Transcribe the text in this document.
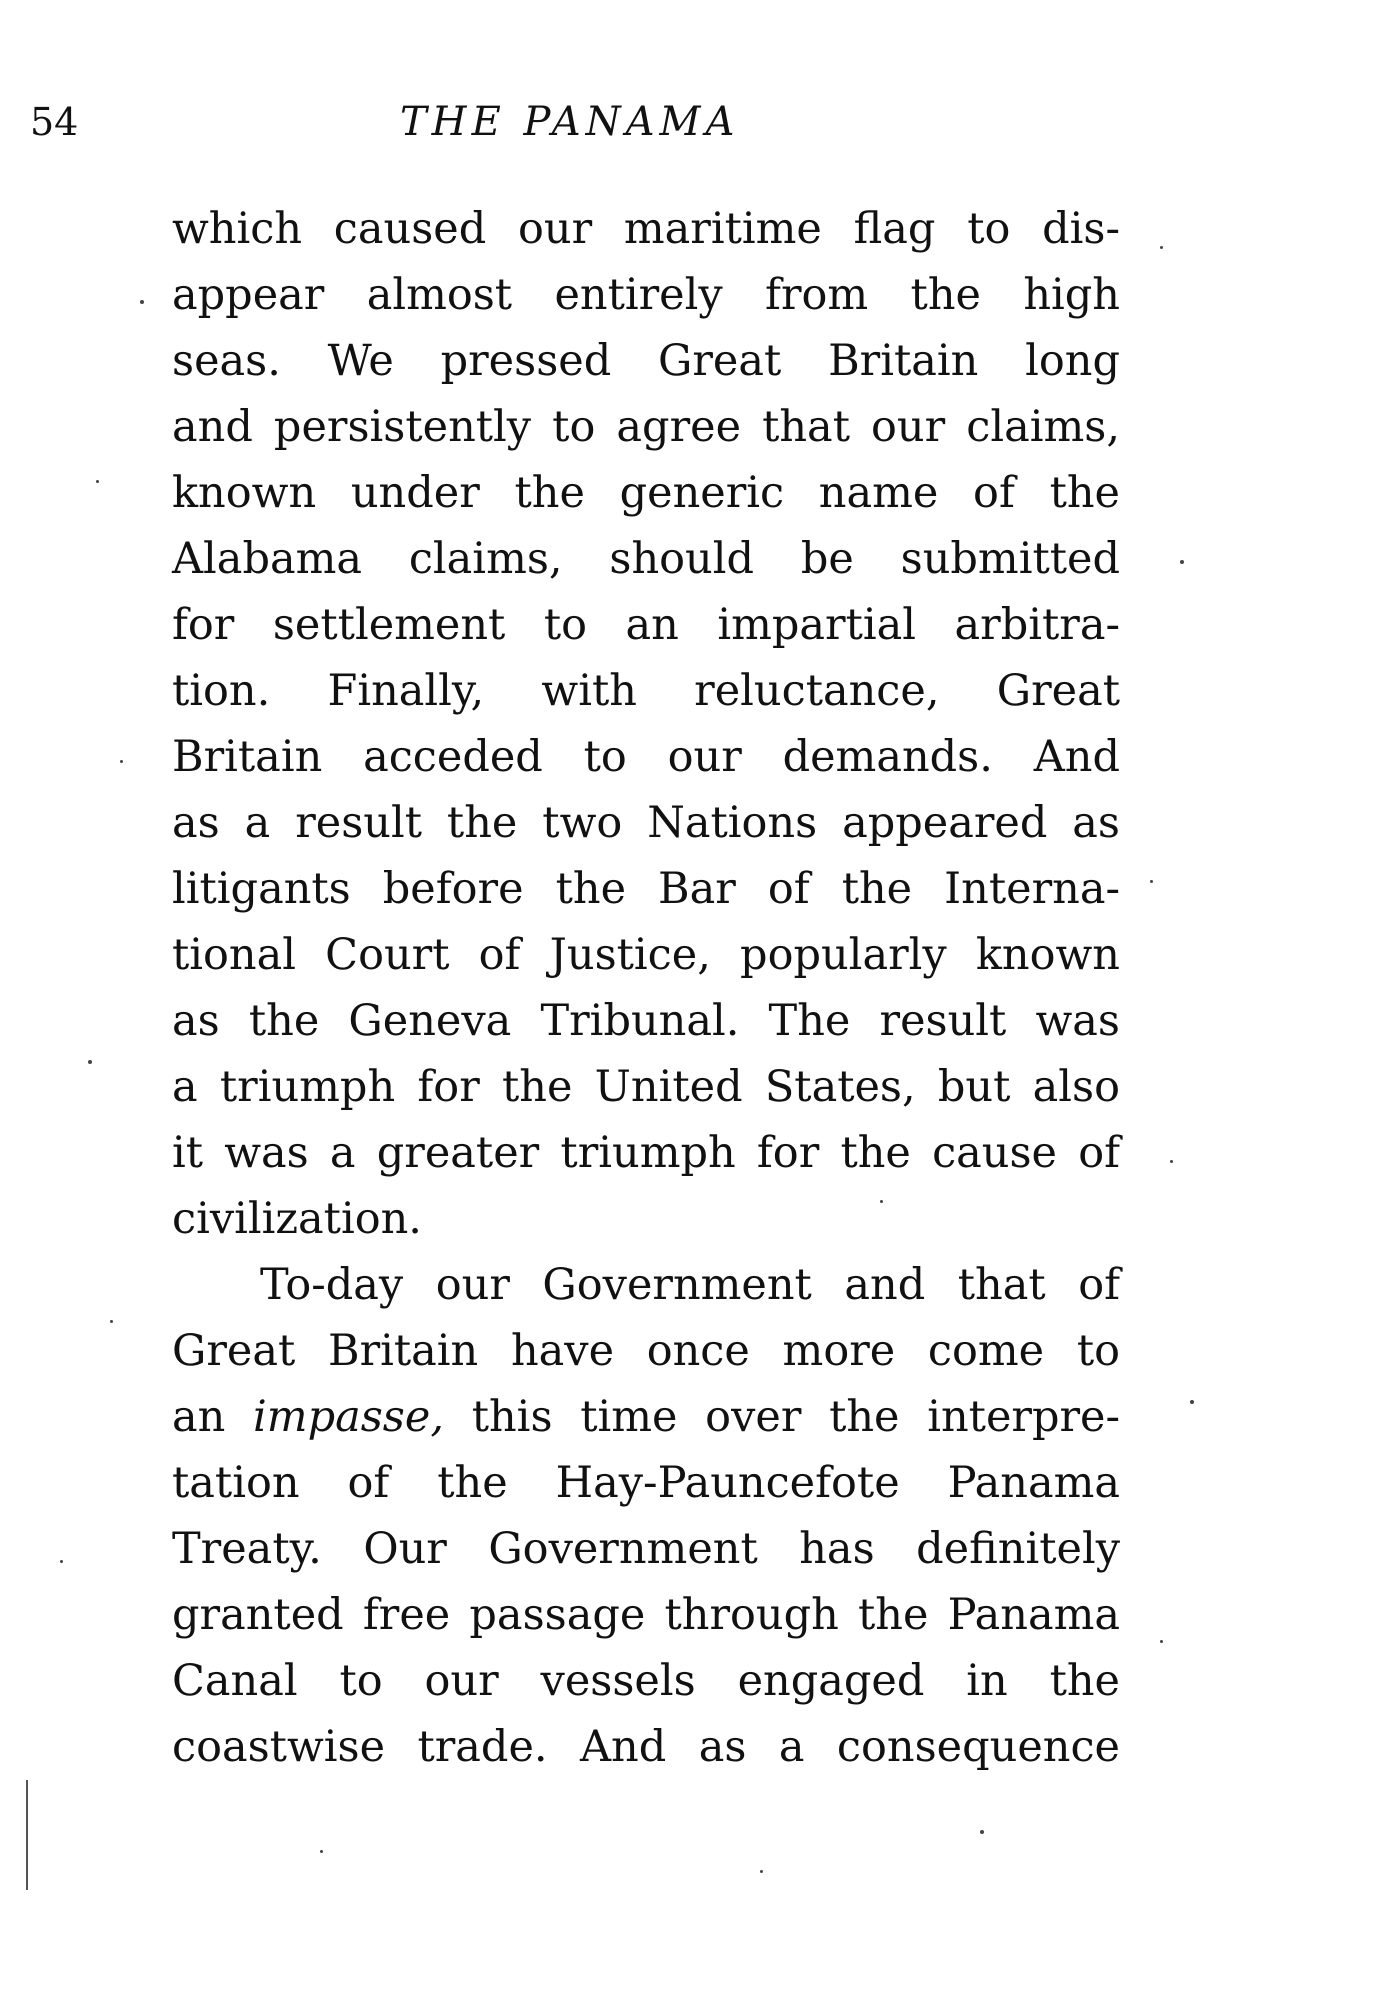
54	THE PANAMA
which caused our maritime flag to dis-
appear almost entirely from the high
seas. We pressed Great Britain long
and persistently to agree that our claims,
known under the generic name of the
Alabama claims, should be submitted
for settlement to an impartial arbitra-
tion. Finally, with reluctance, Great
Britain acceded to our demands. And
as a result the two Nations appeared as
litigants before the Bar of the Interna-
tional Court of Justice, popularly known
as the Geneva Tribunal. The result was
a triumph for the United States, but also
it was a greater triumph for the cause of
civilization.
To-day our Government and that of
Great Britain have once more come to
an impasse, this time over the interpre-
tation of the Hay-Pauncefote Panama
Treaty. Our Government has definitely
granted free passage through the Panama
Canal to our vessels engaged in the
coastwise trade. And as a consequence
